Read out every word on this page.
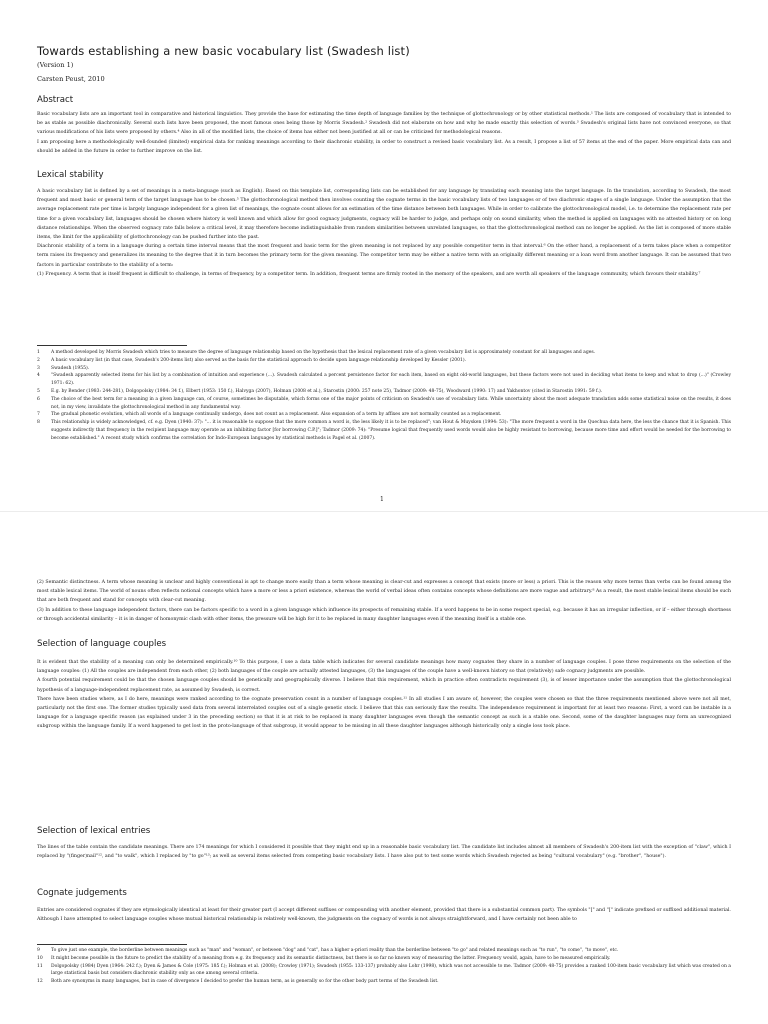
Towards establishing a new basic vocabulary list (Swadesh list)
(Version 1)
Carsten Peust, 2010
Abstract

Basic vocabulary lists are an important tool in comparative and historical linguistics. They provide the base for estimating the time depth of language families by the technique of glottochronology or by other statistical methods.¹ The lists are composed of vocabulary that is intended to be as stable as possible diachronically. Several such lists have been proposed, the most famous ones being those by Morris Swadesh.² Swadesh did not elaborate on how and why he made exactly this selection of words.³ Swadesh's original lists have not convinced everyone, so that various modifications of his lists were proposed by others.⁴ Also in all of the modified lists, the choice of items has either not been justified at all or can be criticized for methodological reasons.

I am proposing here a methodologically well-founded (limited) empirical data for ranking meanings according to their diachronic stability, in order to construct a revised basic vocabulary list. As a result, I propose a list of 57 items at the end of the paper. More empirical data can and should be added in the future in order to further improve on the list.

Lexical stability

A basic vocabulary list is defined by a set of meanings in a meta-language (such as English). Based on this template list, corresponding lists can be established for any language by translating each meaning into the target language. In the translation, according to Swadesh, the most frequent and most basic or general term of the target language has to be chosen.⁵ The glottochronological method then involves counting the cognate terms in the basic vocabulary lists of two languages or of two diachronic stages of a single language. Under the assumption that the average replacement rate per time is largely language independent for a given list of meanings, the cognate count allows for an estimation of the time distance between both languages. While in order to calibrate the glottochronological model, i.e. to determine the replacement rate per time for a given vocabulary list, languages should be chosen where history is well known and which allow for good cognacy judgments, cognacy will be harder to judge, and perhaps only on sound similarity, when the method is applied on languages with no attested history or on long distance relationships. When the observed cognacy rate falls below a critical level, it may therefore become indistinguishable from random similarities between unrelated languages, so that the glottochronological method can no longer be applied. As the list is composed of more stable items, the limit for the applicability of glottochronology can be pushed further into the past.

Diachronic stability of a term in a language during a certain time interval means that the most frequent and basic term for the given meaning is not replaced by any possible competitor term in that interval.⁶ On the other hand, a replacement of a term takes place when a competitor term raises its frequency and generalizes its meaning to the degree that it in turn becomes the primary term for the given meaning. The competitor term may be either a native term with an originally different meaning or a loan word from another language. It can be assumed that two factors in particular contribute to the stability of a term:

(1) Frequency. A term that is itself frequent is difficult to challenge, in terms of frequency, by a competitor term. In addition, frequent terms are firmly rooted in the memory of the speakers, and are worth all speakers of the language community, which favours their stability.⁷

1	A method developed by Morris Swadesh which tries to measure the degree of language relationship based on the hypothesis that the lexical replacement rate of a given vocabulary list is approximately constant for all languages and ages.
2	A basic vocabulary list (in that case, Swadesh's 200-items list) also served as the basis for the statistical approach to decide upon language relationship developed by Kessler (2001).
3	Swadesh (1955).
4	"Swadesh apparently selected items for his list by a combination of intuition and experience (...). Swadesh calculated a percent persistence factor for each item, based on eight old-world languages, but these factors were not used in deciding what items to keep and what to drop (...)" (Crowley 1971: 62).
5	E.g. by Bender (1983: 244-281), Dolgopolsky (1984: 34 f.), Elbert (1953: 150 f.), Halvyga (2007), Holman (2008 et al.), Starostin (2000: 257 note 25), Tadmor (2009: 48-75), Woodward (1990: 17) and Yakhontov (cited in Starostin 1991: 59 f.).
6	The choice of the best term for a meaning in a given language can, of course, sometimes be disputable, which forms one of the major points of criticism on Swadesh's use of vocabulary lists. While uncertainty about the most adequate translation adds some statistical noise on the results, it does not, in my view, invalidate the glottochronological method in any fundamental way.
7	The gradual phonetic evolution, which all words of a language continually undergo, does not count as a replacement. Also expansion of a term by affixes are not normally counted as a replacement.
8	This relationship is widely acknowledged, cf. e.g. Dyen (1940: 37): "... it is reasonable to suppose that the more common a word is, the less likely it is to be replaced"; van Hout & Muysken (1994: 53): "The more frequent a word in the Quechua data here, the less the chance that it is Spanish. This suggests indirectly that frequency in the recipient language may operate as an inhibiting factor [for borrowing C.P.]"; Tadmor (2009: 74): "Presume logical that frequently used words would also be highly resistant to borrowing, because more time and effort would be needed for the borrowing to become established." A recent study which confirms the correlation for Indo-European languages by statistical methods is Pagel et al. (2007).
1

(2) Semantic distinctness. A term whose meaning is unclear and highly conventional is apt to change more easily than a term whose meaning is clear-cut and expresses a concept that exists (more or less) a priori. This is the reason why more terms than verbs can be found among the most stable lexical items. The world of nouns often reflects notional concepts which have a more or less a priori existence, whereas the world of verbal ideas often contains concepts whose definitions are more vague and arbitrary.⁸ As a result, the most stable lexical items should be such that are both frequent and stand for concepts with clear-cut meaning.

(3) In addition to these language independent factors, there can be factors specific to a word in a given language which influence its prospects of remaining stable. If a word happens to be in some respect special, e.g. because it has an irregular inflection, or if – either through shortness or through accidental similarity – it is in danger of homonymic clash with other items, the pressure will be high for it to be replaced in many daughter languages even if the meaning itself is a stable one.

Selection of language couples

It is evident that the stability of a meaning can only be determined empirically.¹⁰ To this purpose, I use a data table which indicates for several candidate meanings how many cognates they share in a number of language couples. I pose three requirements on the selection of the language couples: (1) All the couples are independent from each other, (2) both languages of the couple are actually attested languages, (3) the languages of the couple have a well-known history so that (relatively) safe cognacy judgments are possible.

A fourth potential requirement could be that the chosen language couples should be genetically and geographically diverse. I believe that this requirement, which in practice often contradicts requirement (3), is of lesser importance under the assumption that the glottochronological hypothesis of a language-independent replacement rate, as assumed by Swadesh, is correct.

There have been studies where, as I do here, meanings were ranked according to the cognate preservation count in a number of language couples.¹¹ In all studies I am aware of, however, the couples were chosen so that the three requirements mentioned above were not all met, particularly not the first one. The former studies typically used data from several interrelated couples out of a single genetic stock. I believe that this can seriously flaw the results. The independence requirement is important for at least two reasons: First, a word can be instable in a language for a language specific reason (as explained under 3 in the preceding section) so that it is at risk to be replaced in many daughter languages even though the semantic concept as such is a stable one. Second, some of the daughter languages may form an unrecognized subgroup within the language family. If a word happened to get lost in the proto-language of that subgroup, it would appear to be missing in all these daughter languages although historically only a single loss took place.

Selection of lexical entries

The lines of the table contain the candidate meanings. There are 174 meanings for which I considered it possible that they might end up in a reasonable basic vocabulary list. The candidate list includes almost all members of Swadesh's 200-item list with the exception of "claw", which I replaced by "(finger)nail"¹², and "to walk", which I replaced by "to go"¹³; as well as several items selected from competing basic vocabulary lists. I have also put to test some words which Swadesh rejected as being "cultural vocabulary" (e.g. "brother", "house").

Cognate judgements

Entries are considered cognates if they are etymologically identical at least for their greater part (I accept different suffixes or compounding with another element, provided that there is a substantial common part). The symbols "[" and "[" indicate prefixed or suffixed additional material.

Although I have attempted to select language couples whose mutual historical relationship is relatively well-known, the judgments on the cognacy of words is not always straightforward, and I have certainly not been able to

9	To give just one example, the borderline between meanings such as "man" and "woman", or between "dog" and "cat", has a higher a-priori reality than the borderline between "to go" and related meanings such as "to run", "to come", "to move", etc.
10	It might become possible in the future to predict the stability of a meaning from e.g. its frequency and its semantic distinctness, but there is so far no known way of measuring the latter. Frequency would, again, have to be measured empirically.
11	Dolgopolsky (1984) Dyen (1964: 242 f.); Dyen & James & Cole (1975: 185 f.); Holman et al. (2008); Crowley (1971); Swadesh (1955: 133-137) probably also Lohr (1998), which was not accessible to me. Tadmor (2009: 48-75) provides a ranked 100-item basic vocabulary list which was created on a large statistical basis but considers diachronic stability only as one among several criteria.
12	Both are synonyms in many languages, but in case of divergence I decided to prefer the human term, as is generally so for the other body part terms of the Swadesh list.
